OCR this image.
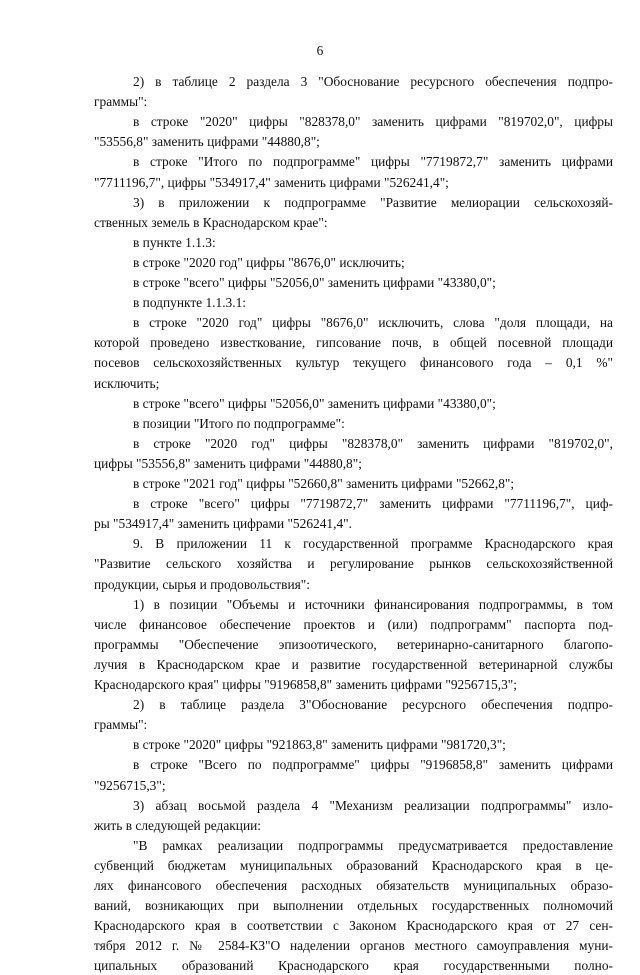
6
2) в таблице 2 раздела 3 "Обоснование ресурсного обеспечения подпро-
граммы":
в строке "2020" цифры "828378,0" заменить цифрами "819702,0", цифры
"53556,8" заменить цифрами "44880,8";
в строке "Итого по подпрограмме" цифры "7719872,7" заменить цифрами
"7711196,7", цифры "534917,4" заменить цифрами "526241,4";
3) в приложении к подпрограмме "Развитие мелиорации сельскохозяй-
ственных земель в Краснодарском крае":
в пункте 1.1.3:
в строке "2020 год" цифры "8676,0" исключить;
в строке "всего" цифры "52056,0" заменить цифрами "43380,0";
в подпункте 1.1.3.1:
в строке "2020 год" цифры "8676,0" исключить, слова "доля площади, на
которой проведено известкование, гипсование почв, в общей посевной площади
посевов сельскохозяйственных культур текущего финансового года – 0,1 %"
исключить;
в строке "всего" цифры "52056,0" заменить цифрами "43380,0";
в позиции "Итого по подпрограмме":
в строке "2020 год" цифры "828378,0" заменить цифрами "819702,0",
цифры "53556,8" заменить цифрами "44880,8";
в строке "2021 год" цифры "52660,8" заменить цифрами "52662,8";
в строке "всего" цифры "7719872,7" заменить цифрами "7711196,7", циф-
ры "534917,4" заменить цифрами "526241,4".
9. В приложении 11 к государственной программе Краснодарского края
"Развитие сельского хозяйства и регулирование рынков сельскохозяйственной
продукции, сырья и продовольствия":
1) в позиции "Объемы и источники финансирования подпрограммы, в том
числе финансовое обеспечение проектов и (или) подпрограмм" паспорта под-
программы "Обеспечение эпизоотического, ветеринарно-санитарного благопо-
лучия в Краснодарском крае и развитие государственной ветеринарной службы
Краснодарского края" цифры "9196858,8" заменить цифрами "9256715,3";
2) в таблице раздела 3"Обоснование ресурсного обеспечения подпро-
граммы":
в строке "2020" цифры "921863,8" заменить цифрами "981720,3";
в строке "Всего по подпрограмме" цифры "9196858,8" заменить цифрами
"9256715,3";
3) абзац восьмой раздела 4 "Механизм реализации подпрограммы" изло-
жить в следующей редакции:
"В рамках реализации подпрограммы предусматривается предоставление
субвенций бюджетам муниципальных образований Краснодарского края в це-
лях финансового обеспечения расходных обязательств муниципальных образо-
ваний, возникающих при выполнении отдельных государственных полномочий
Краснодарского края в соответствии с Законом Краснодарского края от 27 сен-
тября 2012 г. № 2584-КЗ"О наделении органов местного самоуправления муни-
ципальных образований Краснодарского края государственными полно-
